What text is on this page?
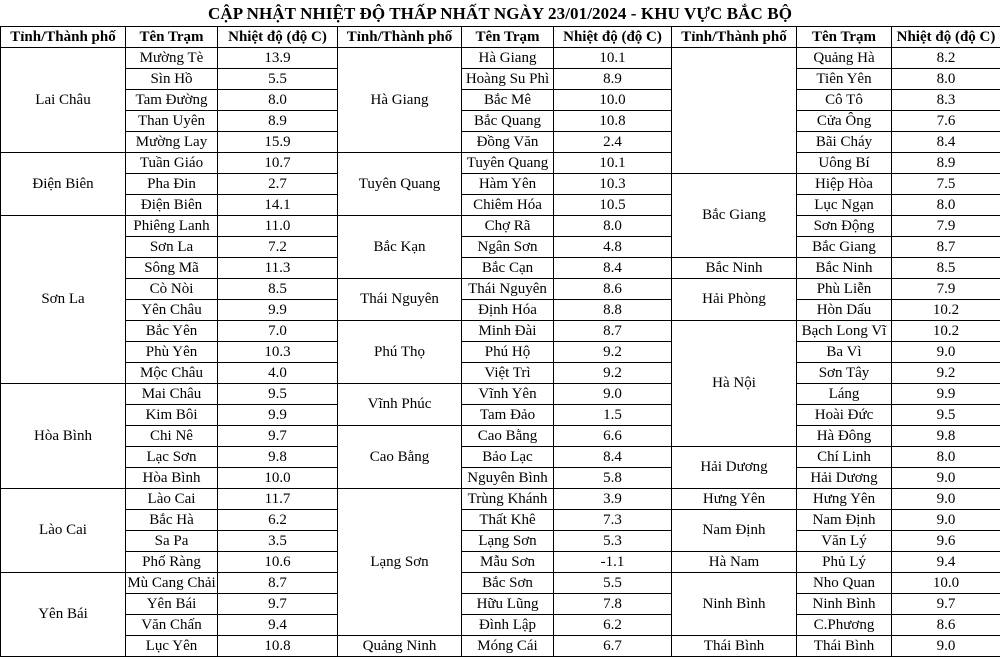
CẬP NHẬT NHIỆT ĐỘ THẤP NHẤT NGÀY 23/01/2024 - KHU VỰC BẮC BỘ
Tỉnh/Thành phố	Tên Trạm	Nhiệt độ (độ C)	Tỉnh/Thành phố	Tên Trạm	Nhiệt độ (độ C)	Tỉnh/Thành phố	Tên Trạm	Nhiệt độ (độ C)
Lai Châu	Mường Tè	13.9	Hà Giang	Hà Giang	10.1		Quảng Hà	8.2
	Sìn Hồ	5.5		Hoàng Su Phì	8.9		Tiên Yên	8.0
	Tam Đường	8.0		Bắc Mê	10.0		Cô Tô	8.3
	Than Uyên	8.9		Bắc Quang	10.8		Cửa Ông	7.6
	Mường Lay	15.9		Đồng Văn	2.4		Bãi Cháy	8.4
Điện Biên	Tuần Giáo	10.7	Tuyên Quang	Tuyên Quang	10.1		Uông Bí	8.9
	Pha Đin	2.7		Hàm Yên	10.3	Bắc Giang	Hiệp Hòa	7.5
	Điện Biên	14.1		Chiêm Hóa	10.5		Lục Ngạn	8.0
Sơn La	Phiêng Lanh	11.0	Bắc Kạn	Chợ Rã	8.0		Sơn Động	7.9
	Sơn La	7.2		Ngân Sơn	4.8		Bắc Giang	8.7
	Sông Mã	11.3		Bắc Cạn	8.4	Bắc Ninh	Bắc Ninh	8.5
	Cò Nòi	8.5	Thái Nguyên	Thái Nguyên	8.6	Hải Phòng	Phù Liễn	7.9
	Yên Châu	9.9		Định Hóa	8.8		Hòn Dấu	10.2
	Bắc Yên	7.0	Phú Thọ	Minh Đài	8.7	Hà Nội	Bạch Long Vĩ	10.2
	Phù Yên	10.3		Phú Hộ	9.2		Ba Vì	9.0
	Mộc Châu	4.0		Việt Trì	9.2		Sơn Tây	9.2
Hòa Bình	Mai Châu	9.5	Vĩnh Phúc	Vĩnh Yên	9.0		Láng	9.9
	Kim Bôi	9.9		Tam Đảo	1.5		Hoài Đức	9.5
	Chi Nê	9.7	Cao Bằng	Cao Bằng	6.6		Hà Đông	9.8
	Lạc Sơn	9.8		Bảo Lạc	8.4	Hải Dương	Chí Linh	8.0
	Hòa Bình	10.0		Nguyên Bình	5.8		Hải Dương	9.0
Lào Cai	Lào Cai	11.7	Lạng Sơn	Trùng Khánh	3.9	Hưng Yên	Hưng Yên	9.0
	Bắc Hà	6.2		Thất Khê	7.3	Nam Định	Nam Định	9.0
	Sa Pa	3.5		Lạng Sơn	5.3		Văn Lý	9.6
	Phố Ràng	10.6		Mẫu Sơn	-1.1	Hà Nam	Phủ Lý	9.4
Yên Bái	Mù Cang Chải	8.7		Bắc Sơn	5.5	Ninh Bình	Nho Quan	10.0
	Yên Bái	9.7		Hữu Lũng	7.8		Ninh Bình	9.7
	Văn Chấn	9.4		Đình Lập	6.2		C.Phương	8.6
	Lục Yên	10.8	Quảng Ninh	Móng Cái	6.7	Thái Bình	Thái Bình	9.0
